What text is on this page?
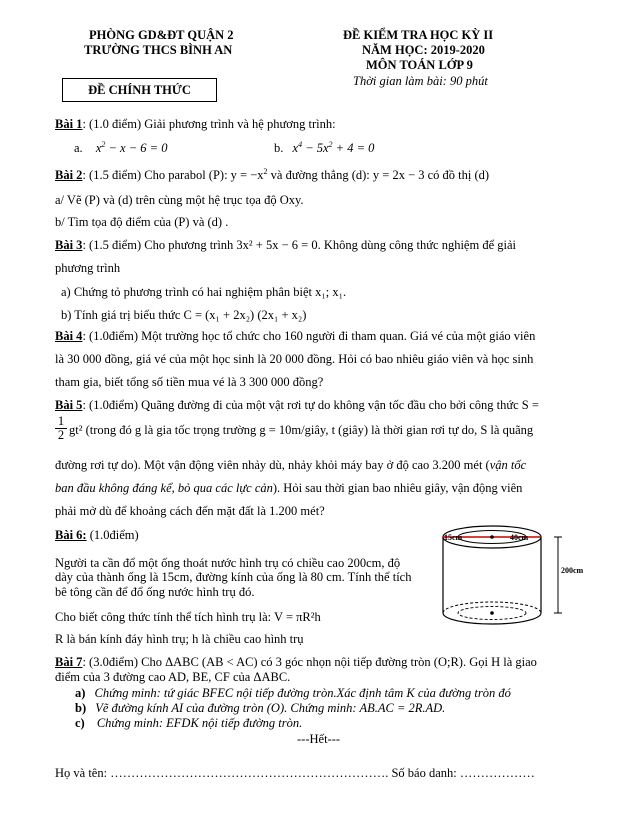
PHÒNG GD&ĐT QUẬN 2
TRƯỜNG THCS BÌNH AN
ĐỀ KIỂM TRA HỌC KỲ II
NĂM HỌC: 2019-2020
MÔN TOÁN LỚP 9
Thời gian làm bài: 90 phút
ĐỀ CHÍNH THỨC
Bài 1: (1.0 điểm) Giải phương trình và hệ phương trình:
a. $x^2 - x - 6 = 0$	b. $x^4 - 5x^2 + 4 = 0$
Bài 2: (1.5 điểm) Cho parabol (P): $y = -x^2$ và đường thẳng (d): y = 2x − 3 có đồ thị (d)
a/ Vẽ (P) và (d) trên cùng một hệ trục tọa độ Oxy.
b/ Tìm tọa độ điểm của (P) và (d) .
Bài 3: (1.5 điểm) Cho phương trình 3x² + 5x − 6 = 0. Không dùng công thức nghiệm để giải
phương trình
a) Chứng tỏ phương trình có hai nghiệm phân biệt x₁; x₁.
b) Tính giá trị biểu thức C = (x₁ + 2x₂) (2x₁ + x₂)
Bài 4: (1.0điểm) Một trường học tổ chức cho 160 người đi tham quan. Giá vé của một giáo viên
là 30 000 đồng, giá vé của một học sinh là 20 000 đồng. Hỏi có bao nhiêu giáo viên và học sinh
tham gia, biết tổng số tiền mua vé là 3 300 000 đồng?
Bài 5: (1.0điểm) Quãng đường đi của một vật rơi tự do không vận tốc đầu cho bởi công thức S =
$\frac{1}{2} gt^2$ (trong đó g là gia tốc trọng trường g = 10m/giây, t (giây) là thời gian rơi tự do, S là quãng
đường rơi tự do). Một vận động viên nhảy dù, nhảy khỏi máy bay ở độ cao 3.200 mét (vận tốc
ban đầu không đáng kể, bỏ qua các lực cản). Hỏi sau thời gian bao nhiêu giây, vận động viên
phải mở dù để khoảng cách đến mặt đất là 1.200 mét?
Bài 6: (1.0điểm)
Người ta cần đổ một ống thoát nước hình trụ có chiều cao 200cm, độ
dày của thành ống là 15cm, đường kính của ống là 80 cm. Tính thể tích
bê tông cần để đổ ống nước hình trụ đó.
Cho biết công thức tính thể tích hình trụ là: V = πR²h
R là bán kính đáy hình trụ; h là chiều cao hình trụ
15cm	40cm
200cm
Bài 7: (3.0điểm) Cho ΔABC (AB < AC) có 3 góc nhọn nội tiếp đường tròn (O;R). Gọi H là giao
điểm của 3 đường cao AD, BE, CF của ΔABC.
a) Chứng minh: tứ giác BFEC nội tiếp đường tròn.Xác định tâm K của đường tròn đó
b) Vẽ đường kính AI của đường tròn (O). Chứng minh: AB.AC = 2R.AD.
c) Chứng minh: EFDK nội tiếp đường tròn.
---Hết---
Họ và tên: …………………………………………………………. Số báo danh: ………………
